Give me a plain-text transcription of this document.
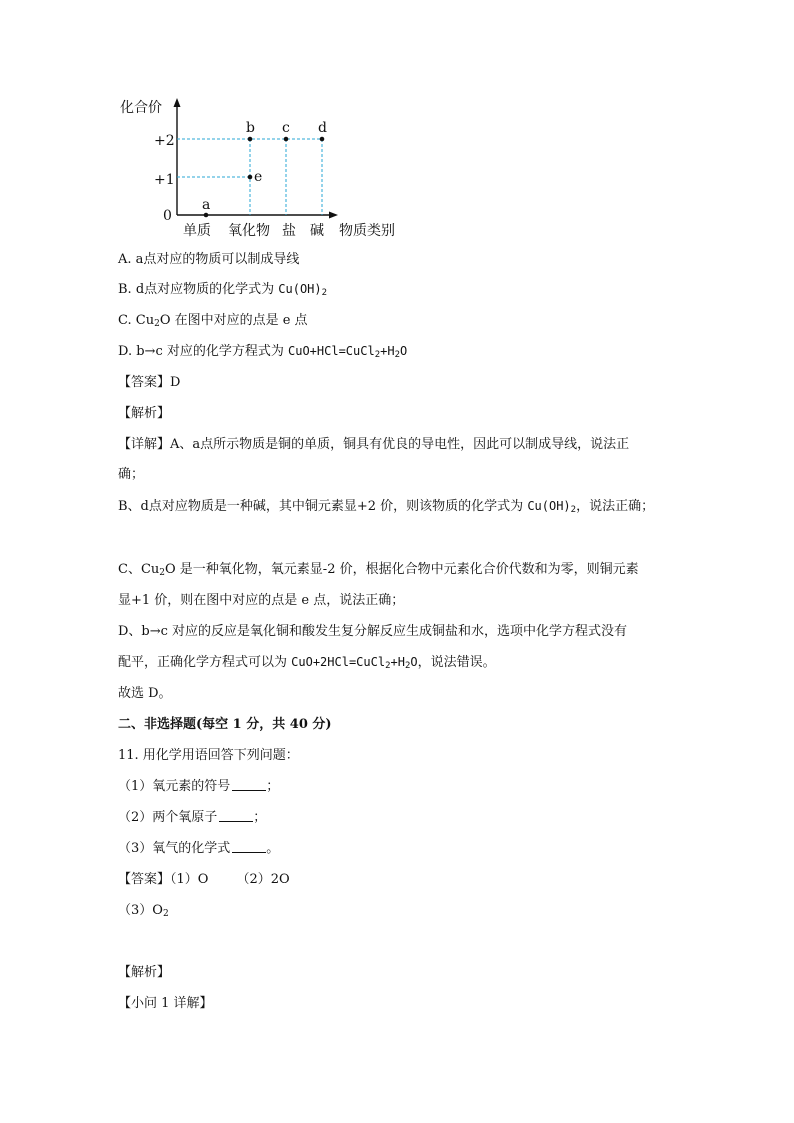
化合价
物质类别
+2
+1
0
单质 氧化物 盐 碱
a
b
e
c d
A. a点对应的物质可以制成导线
B. d点对应物质的化学式为 $Cu(OH)_2$
C. $Cu_2O$ 在图中对应的点是 e 点
D. b→c 对应的化学方程式为 $CuO+HCl=CuCl_2+H_2O$
【答案】D
【解析】
【详解】A、a点所示物质是铜的单质，铜具有优良的导电性，因此可以制成导线，说法正
确；
B、d点对应物质是一种碱，其中铜元素显+2 价，则该物质的化学式为 $Cu(OH)_2$，说法正确；
C、$Cu_2O$ 是一种氧化物，氧元素显-2 价，根据化合物中元素化合价代数和为零，则铜元素
显+1 价，则在图中对应的点是 e 点，说法正确；
D、b→c 对应的反应是氧化铜和酸发生复分解反应生成铜盐和水，选项中化学方程式没有
配平，正确化学方程式可以为 $CuO+2HCl=CuCl_2+H_2O$，说法错误。
故选 D。
二、非选择题(每空 1 分，共 40 分)
11. 用化学用语回答下列问题：
（1）氧元素的符号	；
（2）两个氧原子	；
（3）氧气的化学式	。
【答案】（1）O （2）2O
$(3)O_2$
【解析】
【小问 1 详解】
